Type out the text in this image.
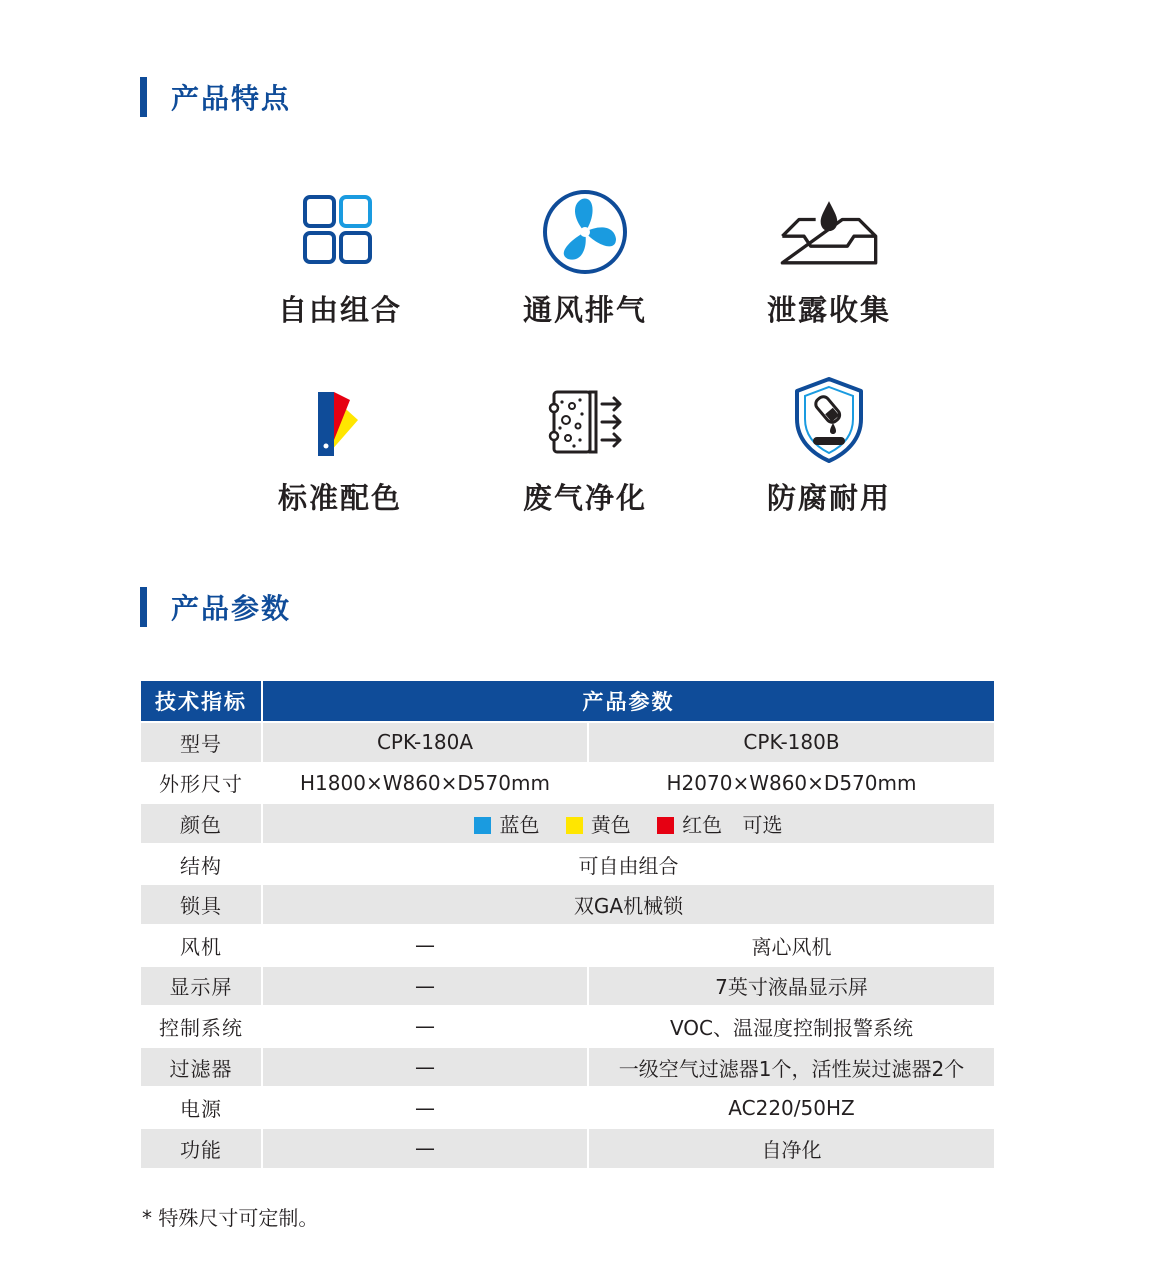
产品特点
自由组合	通风排气	泄露收集
标准配色	废气净化	防腐耐用
产品参数
技术指标	产品参数	
型号	CPK-180A	CPK-180B
外形尺寸	H1800×W860×D570mm	H2070×W860×D570mm
颜色	蓝色 黄色 红色 可选	
结构	可自由组合	
锁具	双GA机械锁	
风机	—	离心风机
显示屏	—	7英寸液晶显示屏
控制系统	—	VOC、温湿度控制报警系统
过滤器	—	一级空气过滤器1个，活性炭过滤器2个
电源	—	AC220/50HZ
功能	—	自净化
* 特殊尺寸可定制。
